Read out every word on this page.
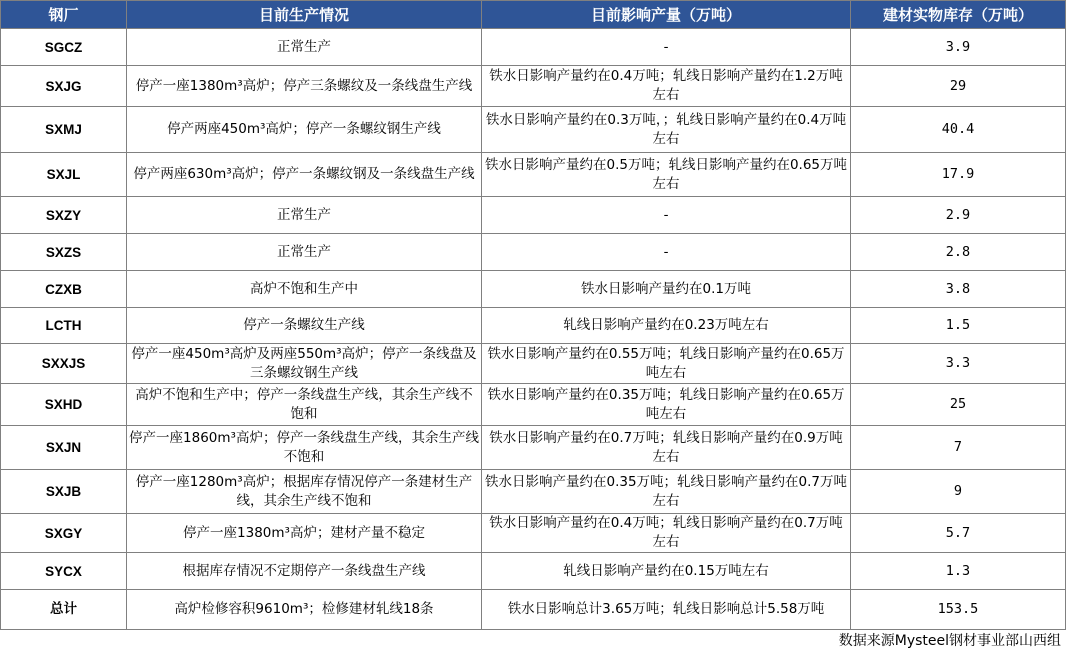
钢厂	目前生产情况	目前影响产量（万吨）	建材实物库存（万吨）
SGCZ	正常生产	-	3.9
SXJG	停产一座1380m³高炉；停产三条螺纹及一条线盘生产线	铁水日影响产量约在0.4万吨；轧线日影响产量约在1.2万吨左右	29
SXMJ	停产两座450m³高炉；停产一条螺纹钢生产线	铁水日影响产量约在0.3万吨，；轧线日影响产量约在0.4万吨左右	40.4
SXJL	停产两座630m³高炉；停产一条螺纹钢及一条线盘生产线	铁水日影响产量约在0.5万吨；轧线日影响产量约在0.65万吨左右	17.9
SXZY	正常生产	-	2.9
SXZS	正常生产	-	2.8
CZXB	高炉不饱和生产中	铁水日影响产量约在0.1万吨	3.8
LCTH	停产一条螺纹生产线	轧线日影响产量约在0.23万吨左右	1.5
SXXJS	停产一座450m³高炉及两座550m³高炉；停产一条线盘及三条螺纹钢生产线	铁水日影响产量约在0.55万吨；轧线日影响产量约在0.65万吨左右	3.3
SXHD	高炉不饱和生产中；停产一条线盘生产线，其余生产线不饱和	铁水日影响产量约在0.35万吨；轧线日影响产量约在0.65万吨左右	25
SXJN	停产一座1860m³高炉；停产一条线盘生产线，其余生产线不饱和	铁水日影响产量约在0.7万吨；轧线日影响产量约在0.9万吨左右	7
SXJB	停产一座1280m³高炉；根据库存情况停产一条建材生产线，其余生产线不饱和	铁水日影响产量约在0.35万吨；轧线日影响产量约在0.7万吨左右	9
SXGY	停产一座1380m³高炉；建材产量不稳定	铁水日影响产量约在0.4万吨；轧线日影响产量约在0.7万吨左右	5.7
SYCX	根据库存情况不定期停产一条线盘生产线	轧线日影响产量约在0.15万吨左右	1.3
总计	高炉检修容积9610m³；检修建材轧线18条	铁水日影响总计3.65万吨；轧线日影响总计5.58万吨	153.5
数据来源Mysteel钢材事业部山西组
